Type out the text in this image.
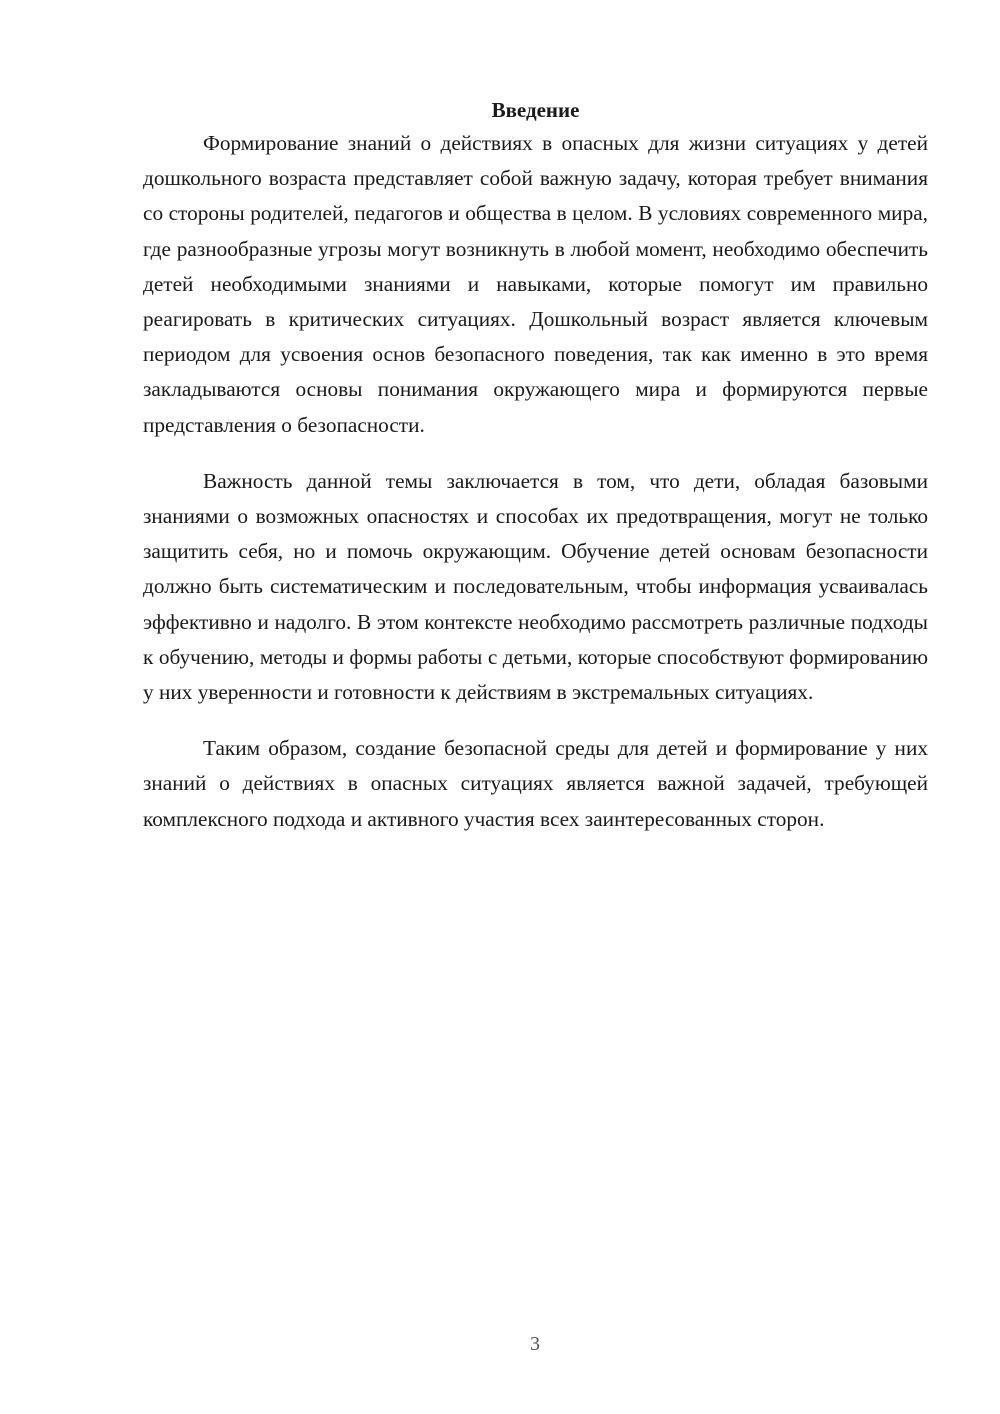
Введение

Формирование знаний о действиях в опасных для жизни ситуациях у детей дошкольного возраста представляет собой важную задачу, которая требует внимания со стороны родителей, педагогов и общества в целом. В условиях современного мира, где разнообразные угрозы могут возникнуть в любой момент, необходимо обеспечить детей необходимыми знаниями и навыками, которые помогут им правильно реагировать в критических ситуациях. Дошкольный возраст является ключевым периодом для усвоения основ безопасного поведения, так как именно в это время закладываются основы понимания окружающего мира и формируются первые представления о безопасности.

Важность данной темы заключается в том, что дети, обладая базовыми знаниями о возможных опасностях и способах их предотвращения, могут не только защитить себя, но и помочь окружающим. Обучение детей основам безопасности должно быть систематическим и последовательным, чтобы информация усваивалась эффективно и надолго. В этом контексте необходимо рассмотреть различные подходы к обучению, методы и формы работы с детьми, которые способствуют формированию у них уверенности и готовности к действиям в экстремальных ситуациях.

Таким образом, создание безопасной среды для детей и формирование у них знаний о действиях в опасных ситуациях является важной задачей, требующей комплексного подхода и активного участия всех заинтересованных сторон.

3
